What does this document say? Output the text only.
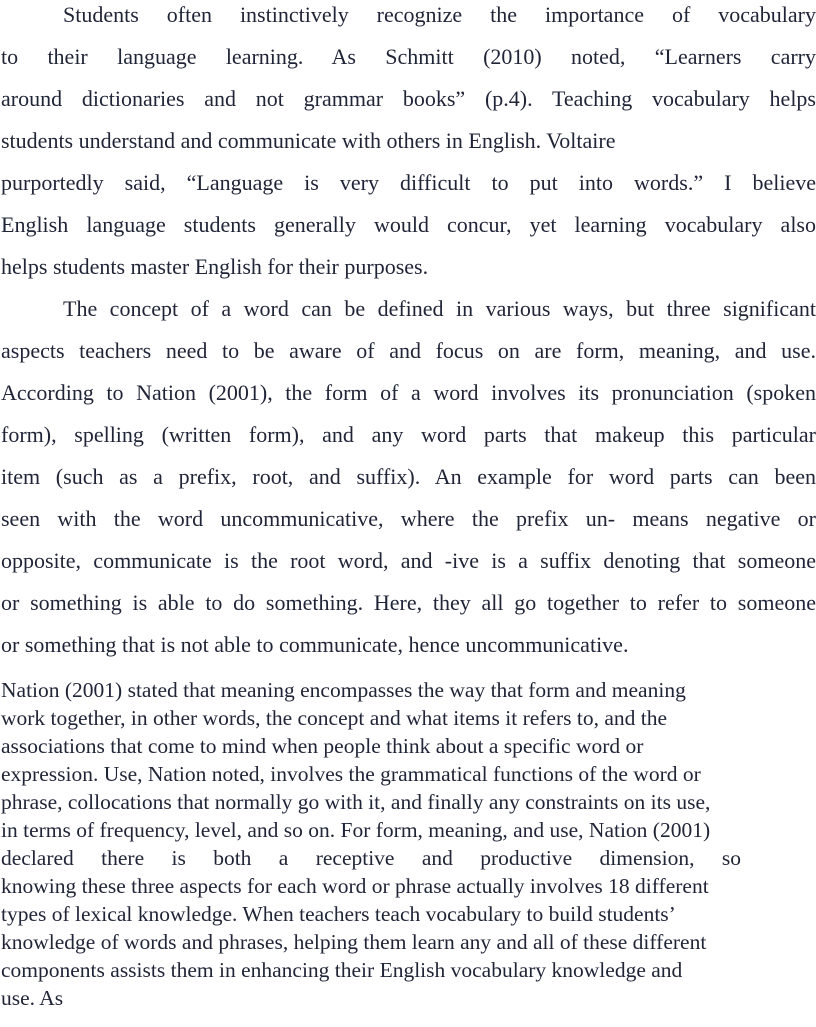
Students often instinctively recognize the importance of vocabulary

to their language learning. As Schmitt (2010) noted, “Learners carry

around dictionaries and not grammar books” (p.4). Teaching vocabulary helps

students understand and communicate with others in English. Voltaire

purportedly said, “Language is very difficult to put into words.” I believe

English language students generally would concur, yet learning vocabulary also

helps students master English for their purposes.

The concept of a word can be defined in various ways, but three significant

aspects teachers need to be aware of and focus on are form, meaning, and use.

According to Nation (2001), the form of a word involves its pronunciation (spoken

form), spelling (written form), and any word parts that makeup this particular

item (such as a prefix, root, and suffix). An example for word parts can been

seen with the word uncommunicative, where the prefix un- means negative or

opposite, communicate is the root word, and -ive is a suffix denoting that someone

or something is able to do something. Here, they all go together to refer to someone

or something that is not able to communicate, hence uncommunicative.

Nation (2001) stated that meaning encompasses the way that form and meaning

work together, in other words, the concept and what items it refers to, and the

associations that come to mind when people think about a specific word or

expression. Use, Nation noted, involves the grammatical functions of the word or

phrase, collocations that normally go with it, and finally any constraints on its use,

in terms of frequency, level, and so on. For form, meaning, and use, Nation (2001)

declared there is both a receptive and productive dimension, so

knowing these three aspects for each word or phrase actually involves 18 different

types of lexical knowledge. When teachers teach vocabulary to build students’

knowledge of words and phrases, helping them learn any and all of these different

components assists them in enhancing their English vocabulary knowledge and

use. As
